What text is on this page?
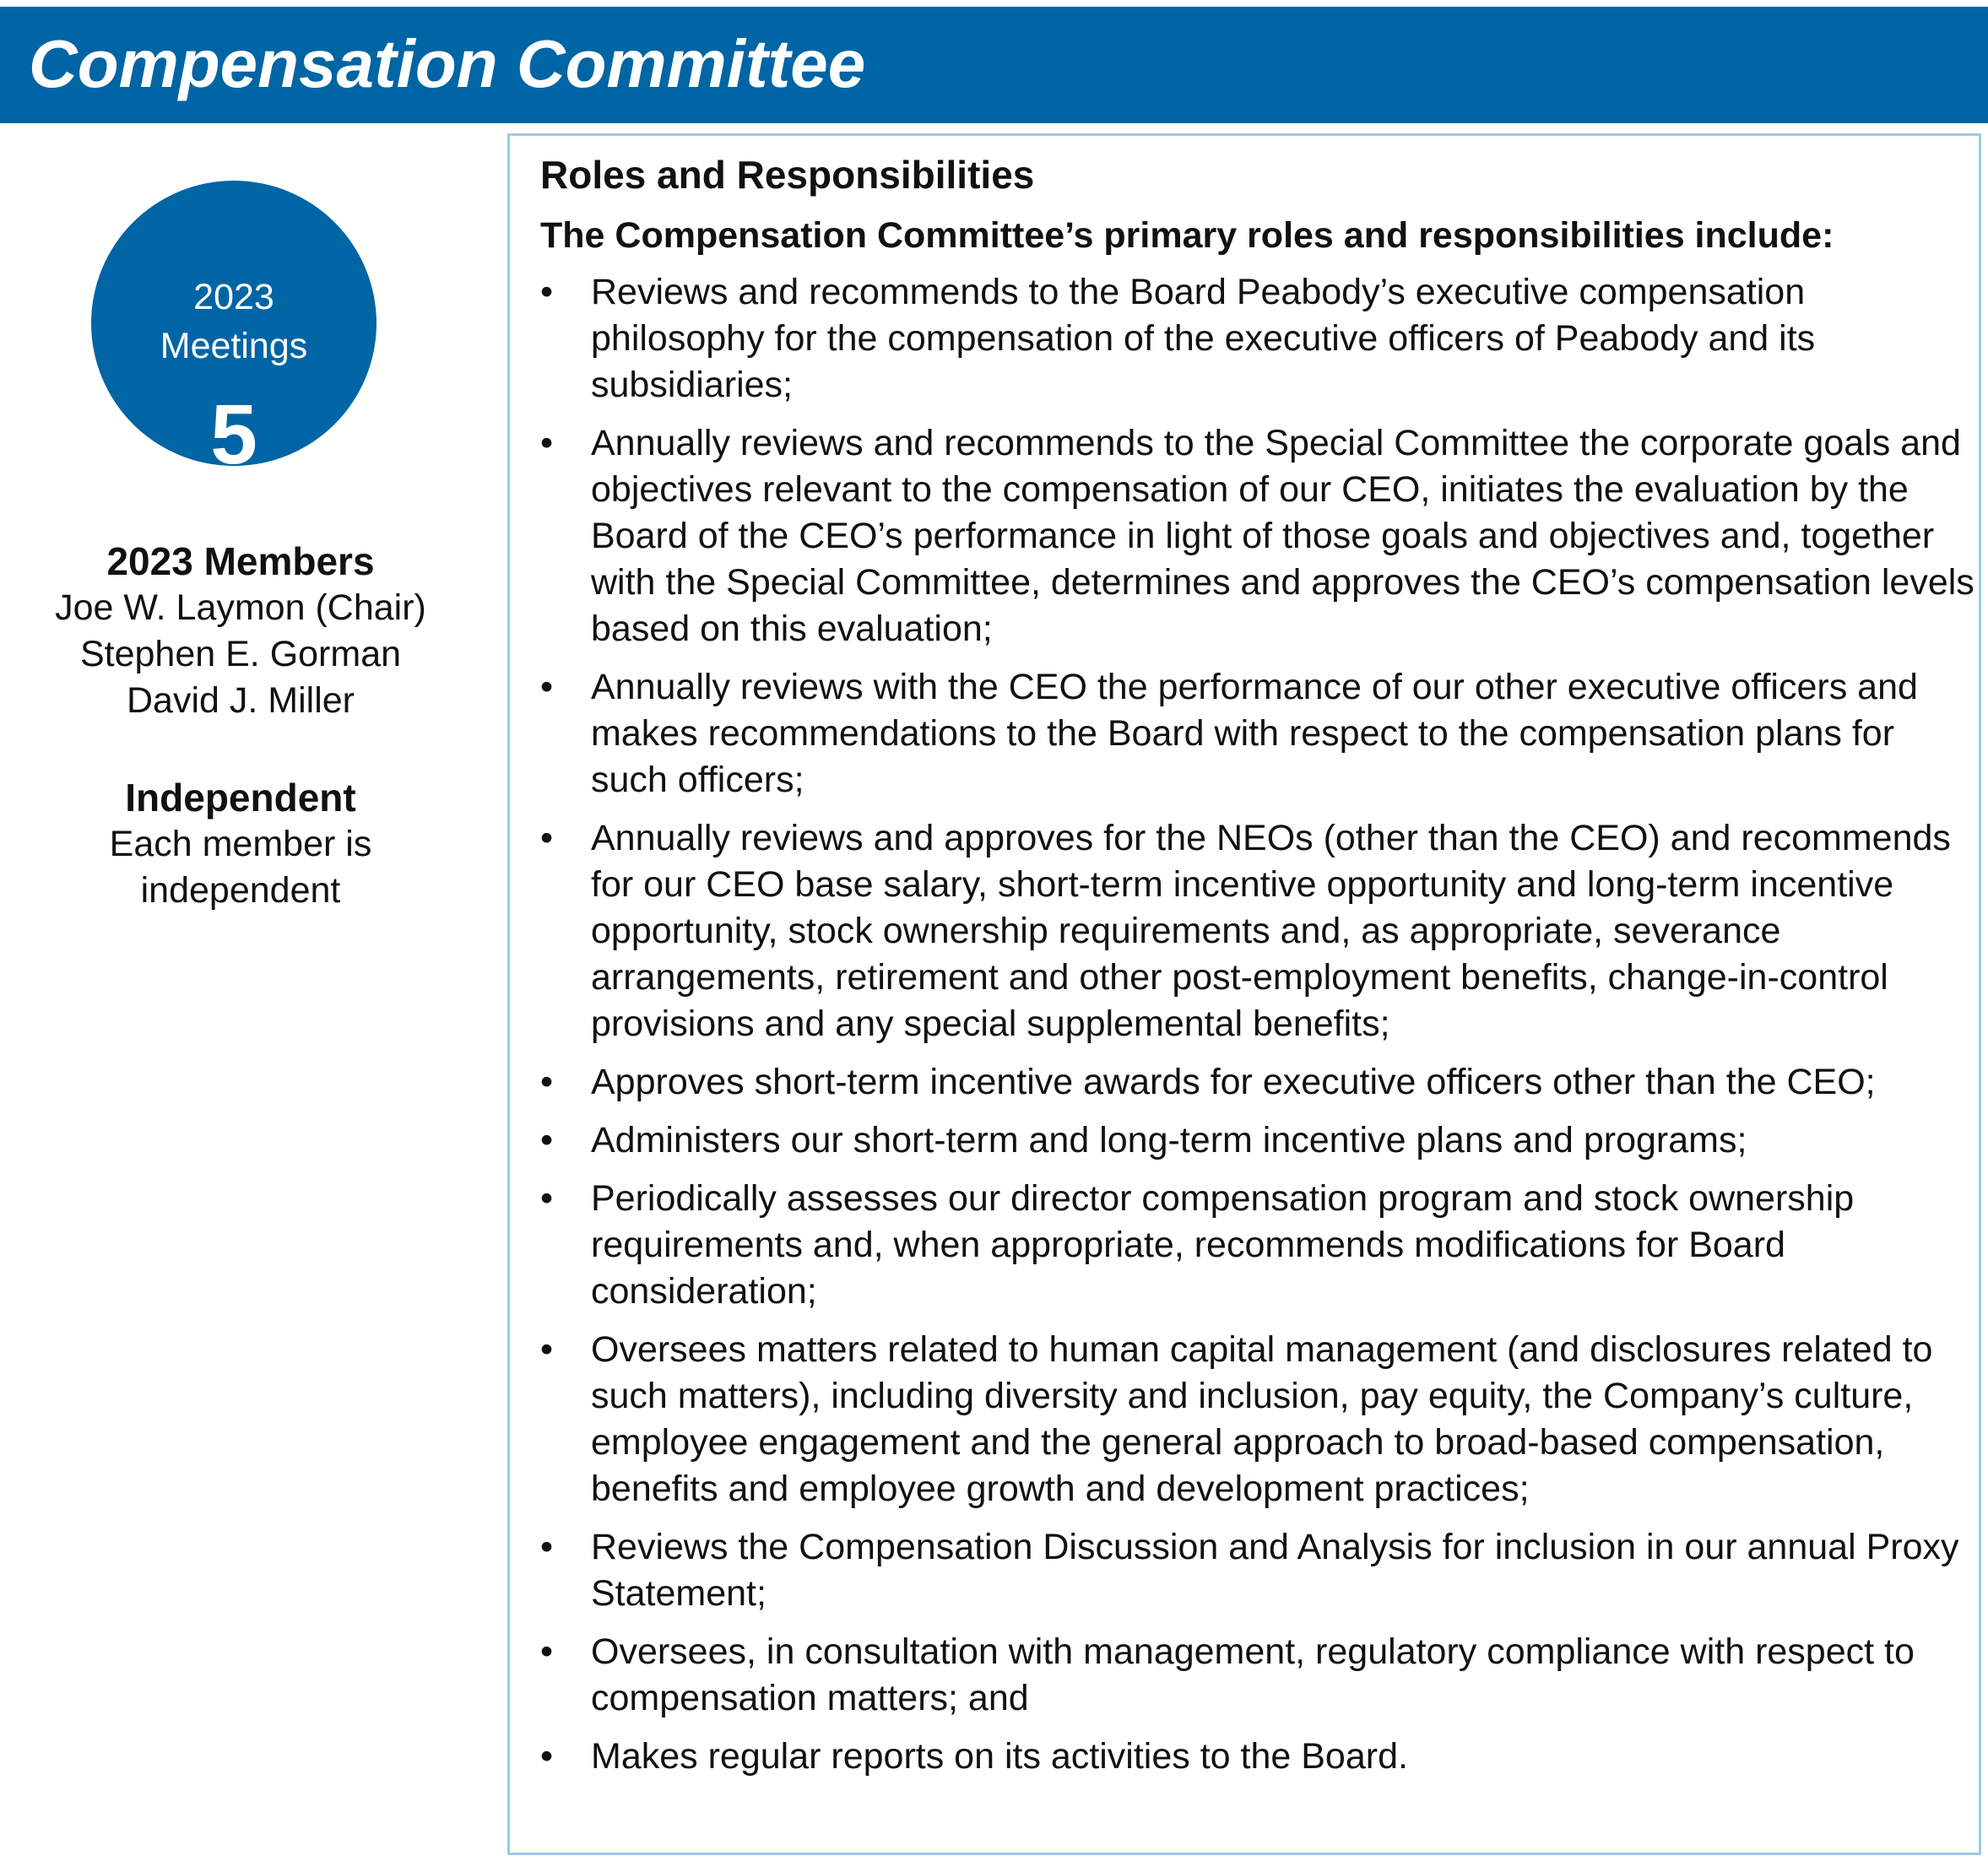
Compensation Committee
2023
Meetings
5
2023 Members
Joe W. Laymon (Chair)
Stephen E. Gorman
David J. Miller
Independent
Each member is independent
Roles and Responsibilities
The Compensation Committee’s primary roles and responsibilities include:
•	Reviews and recommends to the Board Peabody’s executive compensation philosophy for the compensation of the executive officers of Peabody and its subsidiaries;
•	Annually reviews and recommends to the Special Committee the corporate goals and objectives relevant to the compensation of our CEO, initiates the evaluation by the Board of the CEO’s performance in light of those goals and objectives and, together with the Special Committee, determines and approves the CEO’s compensation levels based on this evaluation;
•	Annually reviews with the CEO the performance of our other executive officers and makes recommendations to the Board with respect to the compensation plans for such officers;
•	Annually reviews and approves for the NEOs (other than the CEO) and recommends for our CEO base salary, short-term incentive opportunity and long-term incentive opportunity, stock ownership requirements and, as appropriate, severance arrangements, retirement and other post-employment benefits, change-in-control provisions and any special supplemental benefits;
•	Approves short-term incentive awards for executive officers other than the CEO;
•	Administers our short-term and long-term incentive plans and programs;
•	Periodically assesses our director compensation program and stock ownership requirements and, when appropriate, recommends modifications for Board consideration;
•	Oversees matters related to human capital management (and disclosures related to such matters), including diversity and inclusion, pay equity, the Company’s culture, employee engagement and the general approach to broad-based compensation, benefits and employee growth and development practices;
•	Reviews the Compensation Discussion and Analysis for inclusion in our annual Proxy Statement;
•	Oversees, in consultation with management, regulatory compliance with respect to compensation matters; and
•	Makes regular reports on its activities to the Board.
